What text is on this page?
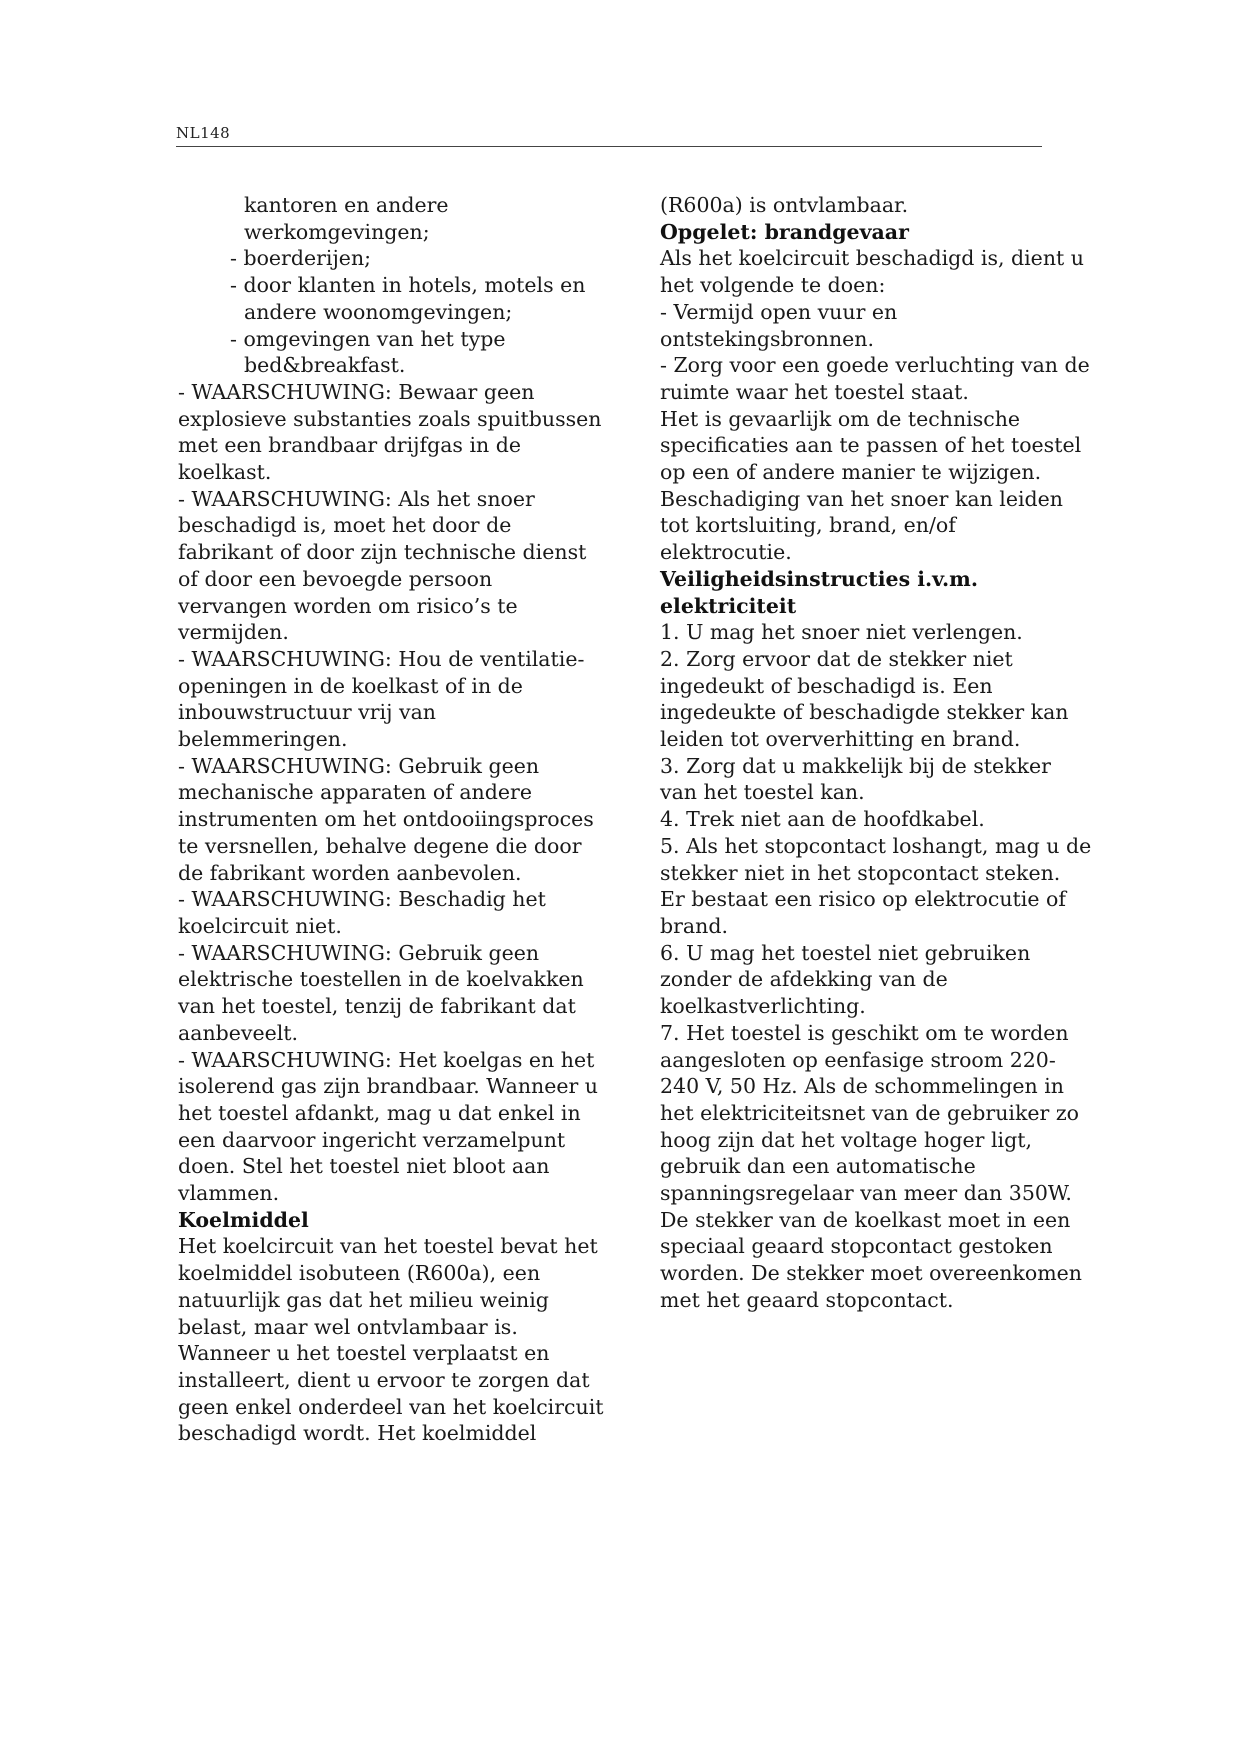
NL148
kantoren en andere
werkomgevingen;
- boerderijen;
- door klanten in hotels, motels en
andere woonomgevingen;
- omgevingen van het type
bed&breakfast.
- WAARSCHUWING: Bewaar geen
explosieve substanties zoals spuitbussen
met een brandbaar drijfgas in de
koelkast.
- WAARSCHUWING: Als het snoer
beschadigd is, moet het door de
fabrikant of door zijn technische dienst
of door een bevoegde persoon
vervangen worden om risico’s te
vermijden.
- WAARSCHUWING: Hou de ventilatie-
openingen in de koelkast of in de
inbouwstructuur vrij van
belemmeringen.
- WAARSCHUWING: Gebruik geen
mechanische apparaten of andere
instrumenten om het ontdooiingsproces
te versnellen, behalve degene die door
de fabrikant worden aanbevolen.
- WAARSCHUWING: Beschadig het
koelcircuit niet.
- WAARSCHUWING: Gebruik geen
elektrische toestellen in de koelvakken
van het toestel, tenzij de fabrikant dat
aanbeveelt.
- WAARSCHUWING: Het koelgas en het
isolerend gas zijn brandbaar. Wanneer u
het toestel afdankt, mag u dat enkel in
een daarvoor ingericht verzamelpunt
doen. Stel het toestel niet bloot aan
vlammen.
Koelmiddel
Het koelcircuit van het toestel bevat het
koelmiddel isobuteen (R600a), een
natuurlijk gas dat het milieu weinig
belast, maar wel ontvlambaar is.
Wanneer u het toestel verplaatst en
installeert, dient u ervoor te zorgen dat
geen enkel onderdeel van het koelcircuit
beschadigd wordt. Het koelmiddel
(R600a) is ontvlambaar.
Opgelet: brandgevaar
Als het koelcircuit beschadigd is, dient u
het volgende te doen:
- Vermijd open vuur en
ontstekingsbronnen.
- Zorg voor een goede verluchting van de
ruimte waar het toestel staat.
Het is gevaarlijk om de technische
specificaties aan te passen of het toestel
op een of andere manier te wijzigen.
Beschadiging van het snoer kan leiden
tot kortsluiting, brand, en/of
elektrocutie.
Veiligheidsinstructies i.v.m.
elektriciteit
1. U mag het snoer niet verlengen.
2. Zorg ervoor dat de stekker niet
ingedeukt of beschadigd is. Een
ingedeukte of beschadigde stekker kan
leiden tot oververhitting en brand.
3. Zorg dat u makkelijk bij de stekker
van het toestel kan.
4. Trek niet aan de hoofdkabel.
5. Als het stopcontact loshangt, mag u de
stekker niet in het stopcontact steken.
Er bestaat een risico op elektrocutie of
brand.
6. U mag het toestel niet gebruiken
zonder de afdekking van de
koelkastverlichting.
7. Het toestel is geschikt om te worden
aangesloten op eenfasige stroom 220-
240 V, 50 Hz. Als de schommelingen in
het elektriciteitsnet van de gebruiker zo
hoog zijn dat het voltage hoger ligt,
gebruik dan een automatische
spanningsregelaar van meer dan 350W.
De stekker van de koelkast moet in een
speciaal geaard stopcontact gestoken
worden. De stekker moet overeenkomen
met het geaard stopcontact.
